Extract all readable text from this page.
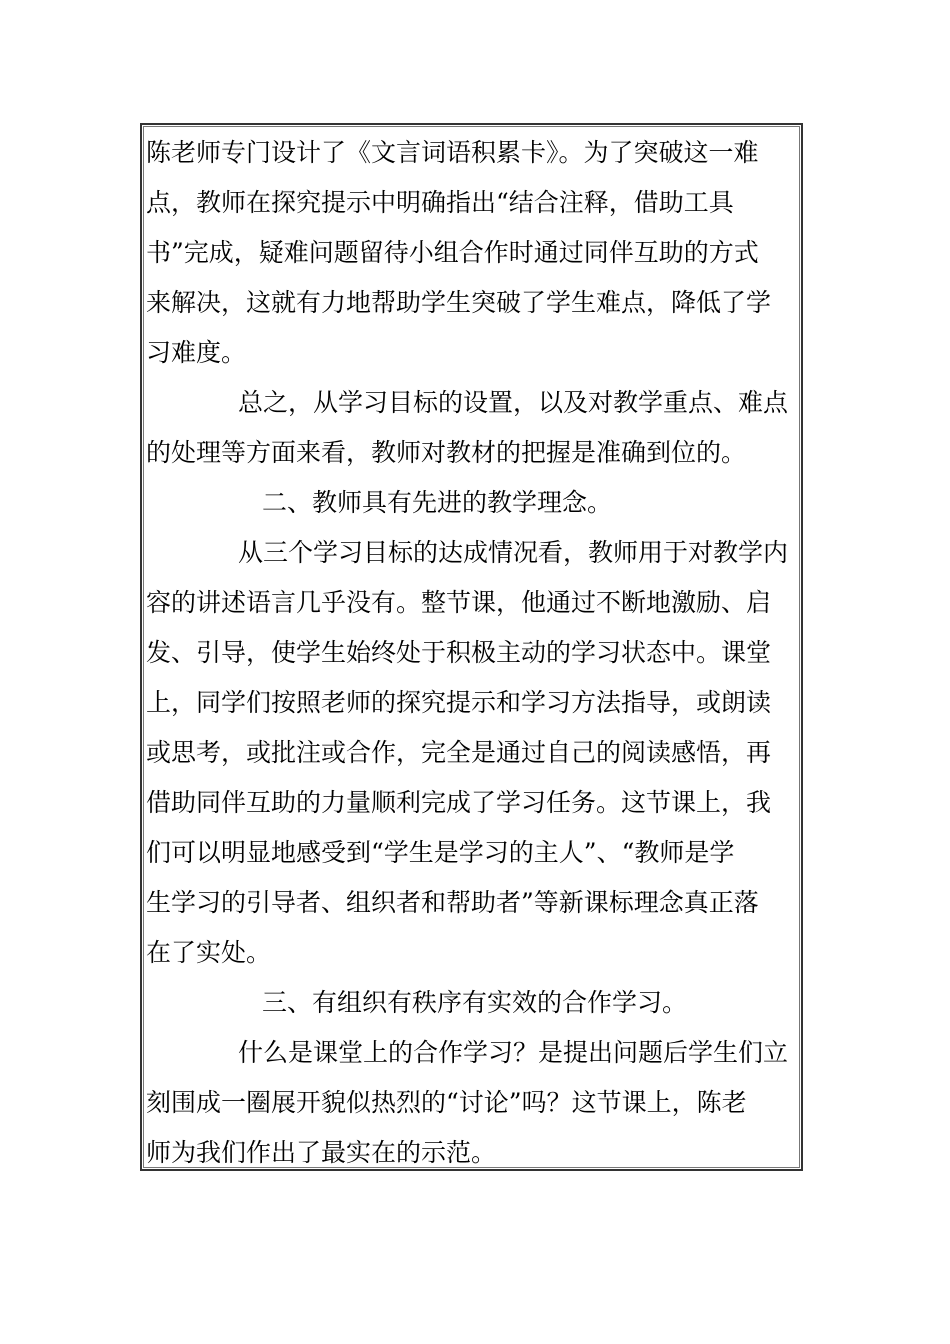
陈老师专门设计了《文言词语积累卡》。为了突破这一难
点，教师在探究提示中明确指出“结合注释，借助工具
书”完成，疑难问题留待小组合作时通过同伴互助的方式
来解决，这就有力地帮助学生突破了学生难点，降低了学
习难度。
总之，从学习目标的设置，以及对教学重点、难点
的处理等方面来看，教师对教材的把握是准确到位的。
二、教师具有先进的教学理念。
从三个学习目标的达成情况看，教师用于对教学内
容的讲述语言几乎没有。整节课，他通过不断地激励、启
发、引导，使学生始终处于积极主动的学习状态中。课堂
上，同学们按照老师的探究提示和学习方法指导，或朗读
或思考，或批注或合作，完全是通过自己的阅读感悟，再
借助同伴互助的力量顺利完成了学习任务。这节课上，我
们可以明显地感受到“学生是学习的主人”、“教师是学
生学习的引导者、组织者和帮助者”等新课标理念真正落
在了实处。
三、有组织有秩序有实效的合作学习。
什么是课堂上的合作学习？是提出问题后学生们立
刻围成一圈展开貌似热烈的“讨论”吗？这节课上，陈老
师为我们作出了最实在的示范。
